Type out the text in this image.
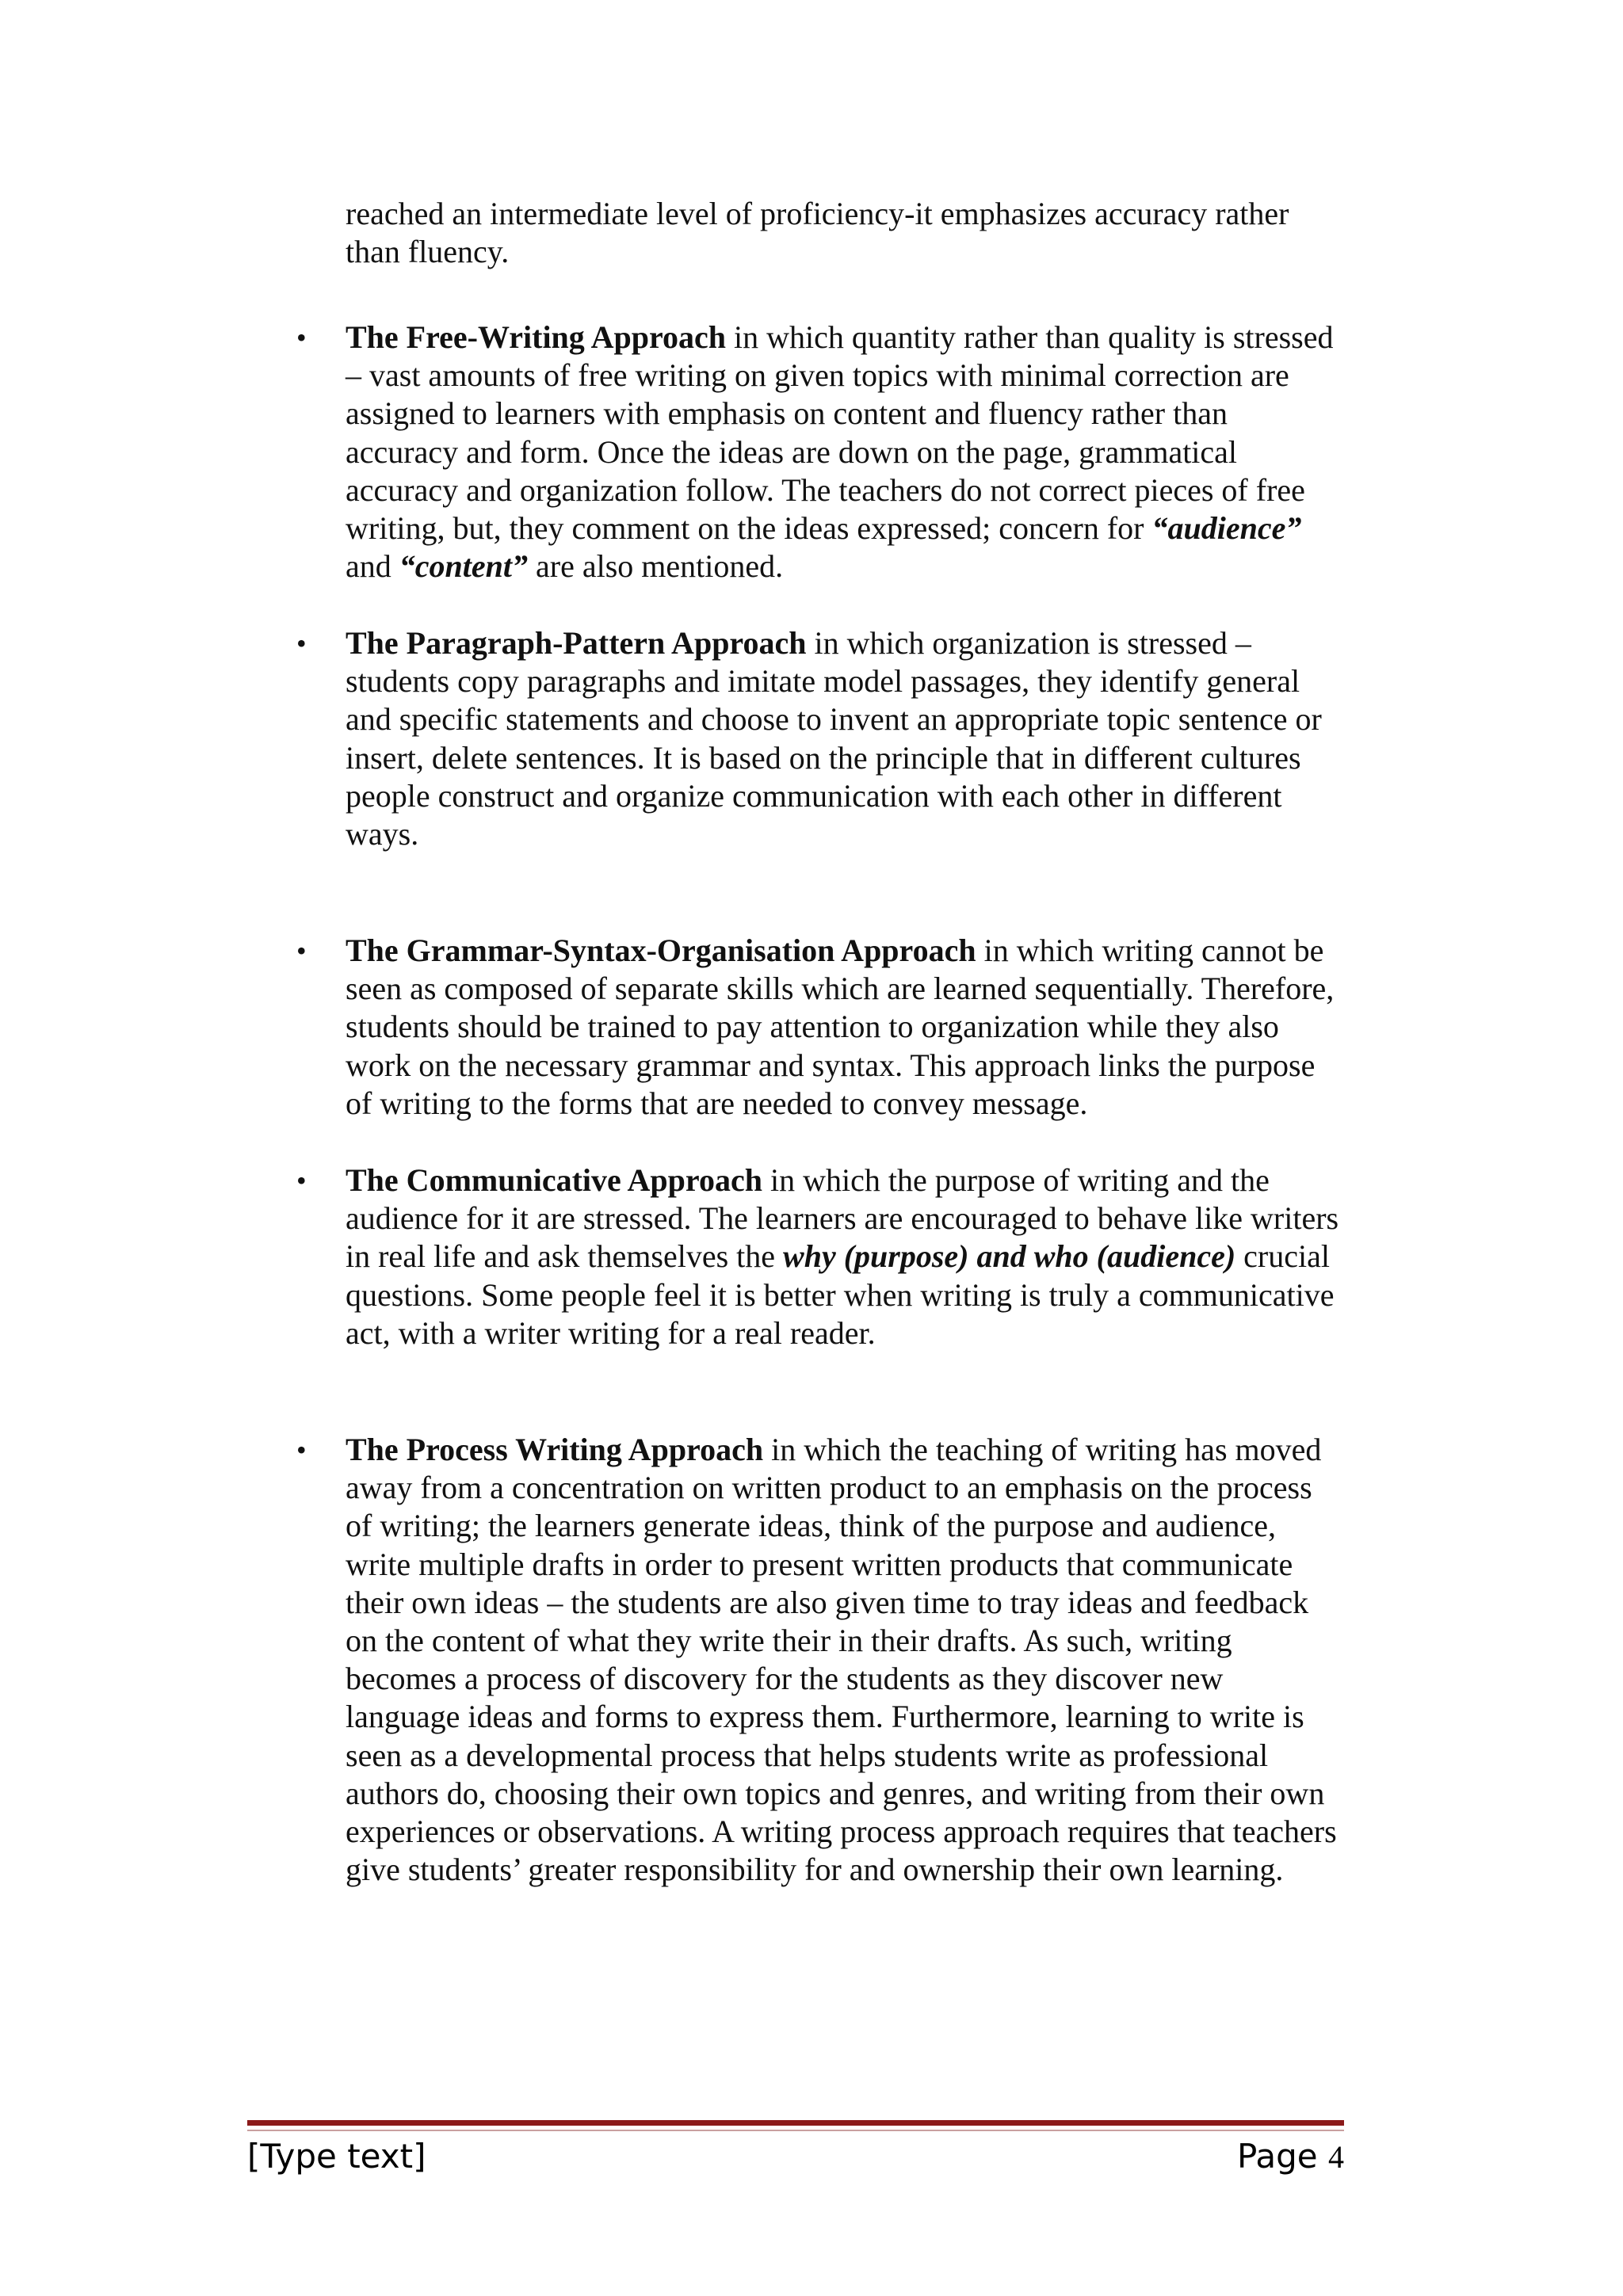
reached an intermediate level of proficiency-it emphasizes accuracy rather than fluency.

• The Free-Writing Approach in which quantity rather than quality is stressed – vast amounts of free writing on given topics with minimal correction are assigned to learners with emphasis on content and fluency rather than accuracy and form. Once the ideas are down on the page, grammatical accuracy and organization follow. The teachers do not correct pieces of free writing, but, they comment on the ideas expressed; concern for “audience” and “content” are also mentioned.

• The Paragraph-Pattern Approach in which organization is stressed – students copy paragraphs and imitate model passages, they identify general and specific statements and choose to invent an appropriate topic sentence or insert, delete sentences. It is based on the principle that in different cultures people construct and organize communication with each other in different ways.

• The Grammar-Syntax-Organisation Approach in which writing cannot be seen as composed of separate skills which are learned sequentially. Therefore, students should be trained to pay attention to organization while they also work on the necessary grammar and syntax. This approach links the purpose of writing to the forms that are needed to convey message.

• The Communicative Approach in which the purpose of writing and the audience for it are stressed. The learners are encouraged to behave like writers in real life and ask themselves the why (purpose) and who (audience) crucial questions. Some people feel it is better when writing is truly a communicative act, with a writer writing for a real reader.

• The Process Writing Approach in which the teaching of writing has moved away from a concentration on written product to an emphasis on the process of writing; the learners generate ideas, think of the purpose and audience, write multiple drafts in order to present written products that communicate their own ideas – the students are also given time to tray ideas and feedback on the content of what they write their in their drafts. As such, writing becomes a process of discovery for the students as they discover new language ideas and forms to express them. Furthermore, learning to write is seen as a developmental process that helps students write as professional authors do, choosing their own topics and genres, and writing from their own experiences or observations. A writing process approach requires that teachers give students’ greater responsibility for and ownership their own learning.

[Type text]	Page 4
